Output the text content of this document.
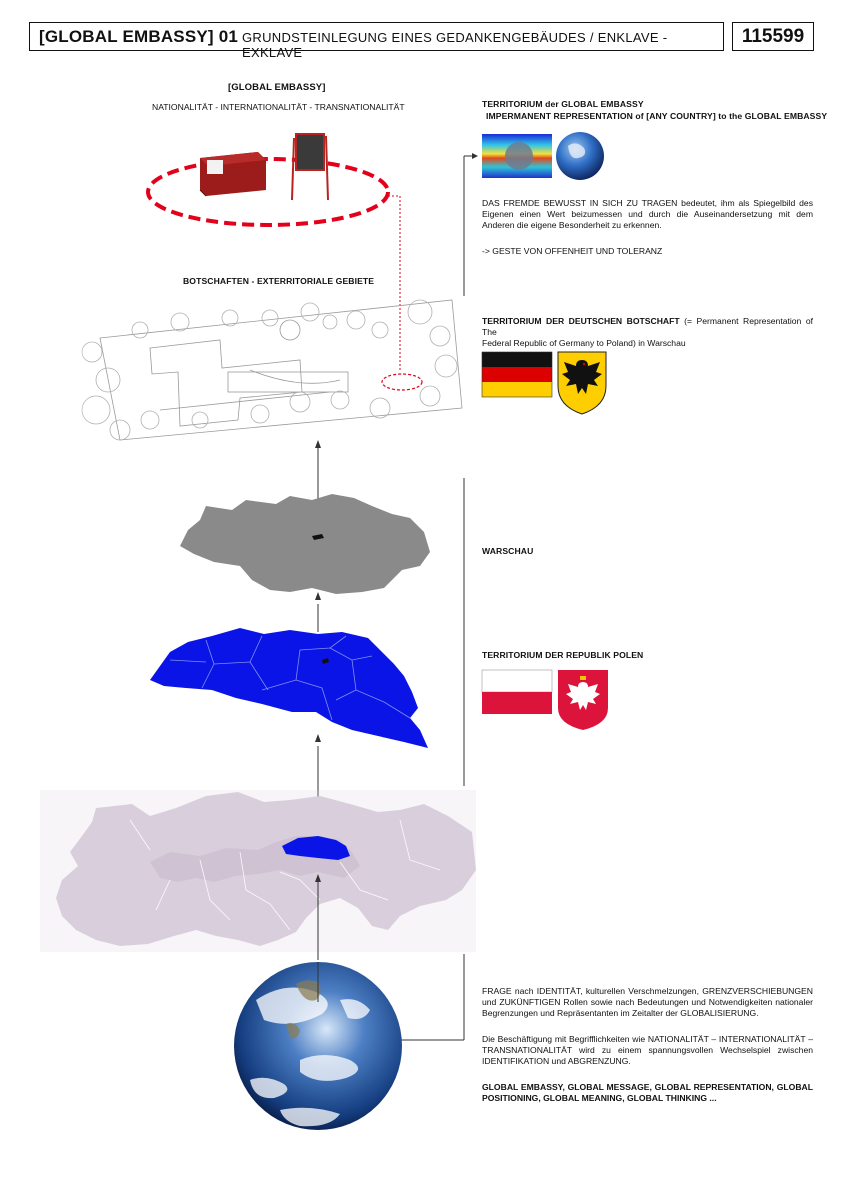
[GLOBAL EMBASSY] 01 GRUNDSTEINLEGUNG EINES GEDANKENGEBÄUDES / ENKLAVE - EXKLAVE
115599
[GLOBAL EMBASSY]
NATIONALITÄT - INTERNATIONALITÄT - TRANSNATIONALITÄT
BOTSCHAFTEN - EXTERRITORIALE GEBIETE
TERRITORIUM der GLOBAL EMBASSY
IMPERMANENT REPRESENTATION of [ANY COUNTRY] to the GLOBAL EMBASSY
DAS FREMDE BEWUSST IN SICH ZU TRAGEN bedeutet, ihm als Spiegelbild des
Eigenen einen Wert beizumessen und durch die Auseinandersetzung mit dem
Anderen die eigene Besonderheit zu erkennen.
-> GESTE VON OFFENHEIT UND TOLERANZ
TERRITORIUM DER DEUTSCHEN BOTSCHAFT (= Permanent Representation of The
Federal Republic of Germany to Poland) in Warschau
WARSCHAU
TERRITORIUM DER REPUBLIK POLEN
FRAGE nach IDENTITÄT, kulturellen Verschmelzungen, GRENZVERSCHIEBUNGEN
und ZUKÜNFTIGEN Rollen sowie nach Bedeutungen und Notwendigkeiten nationaler
Begrenzungen und Repräsentanten im Zeitalter der GLOBALISIERUNG.
Die Beschäftigung mit Begrifflichkeiten wie NATIONALITÄT – INTERNATIONALITÄT –
TRANSNATIONALITÄT wird zu einem spannungsvollen Wechselspiel zwischen
IDENTIFIKATION und ABGRENZUNG.
GLOBAL EMBASSY, GLOBAL MESSAGE, GLOBAL REPRESENTATION, GLOBAL
POSITIONING, GLOBAL MEANING, GLOBAL THINKING ...
